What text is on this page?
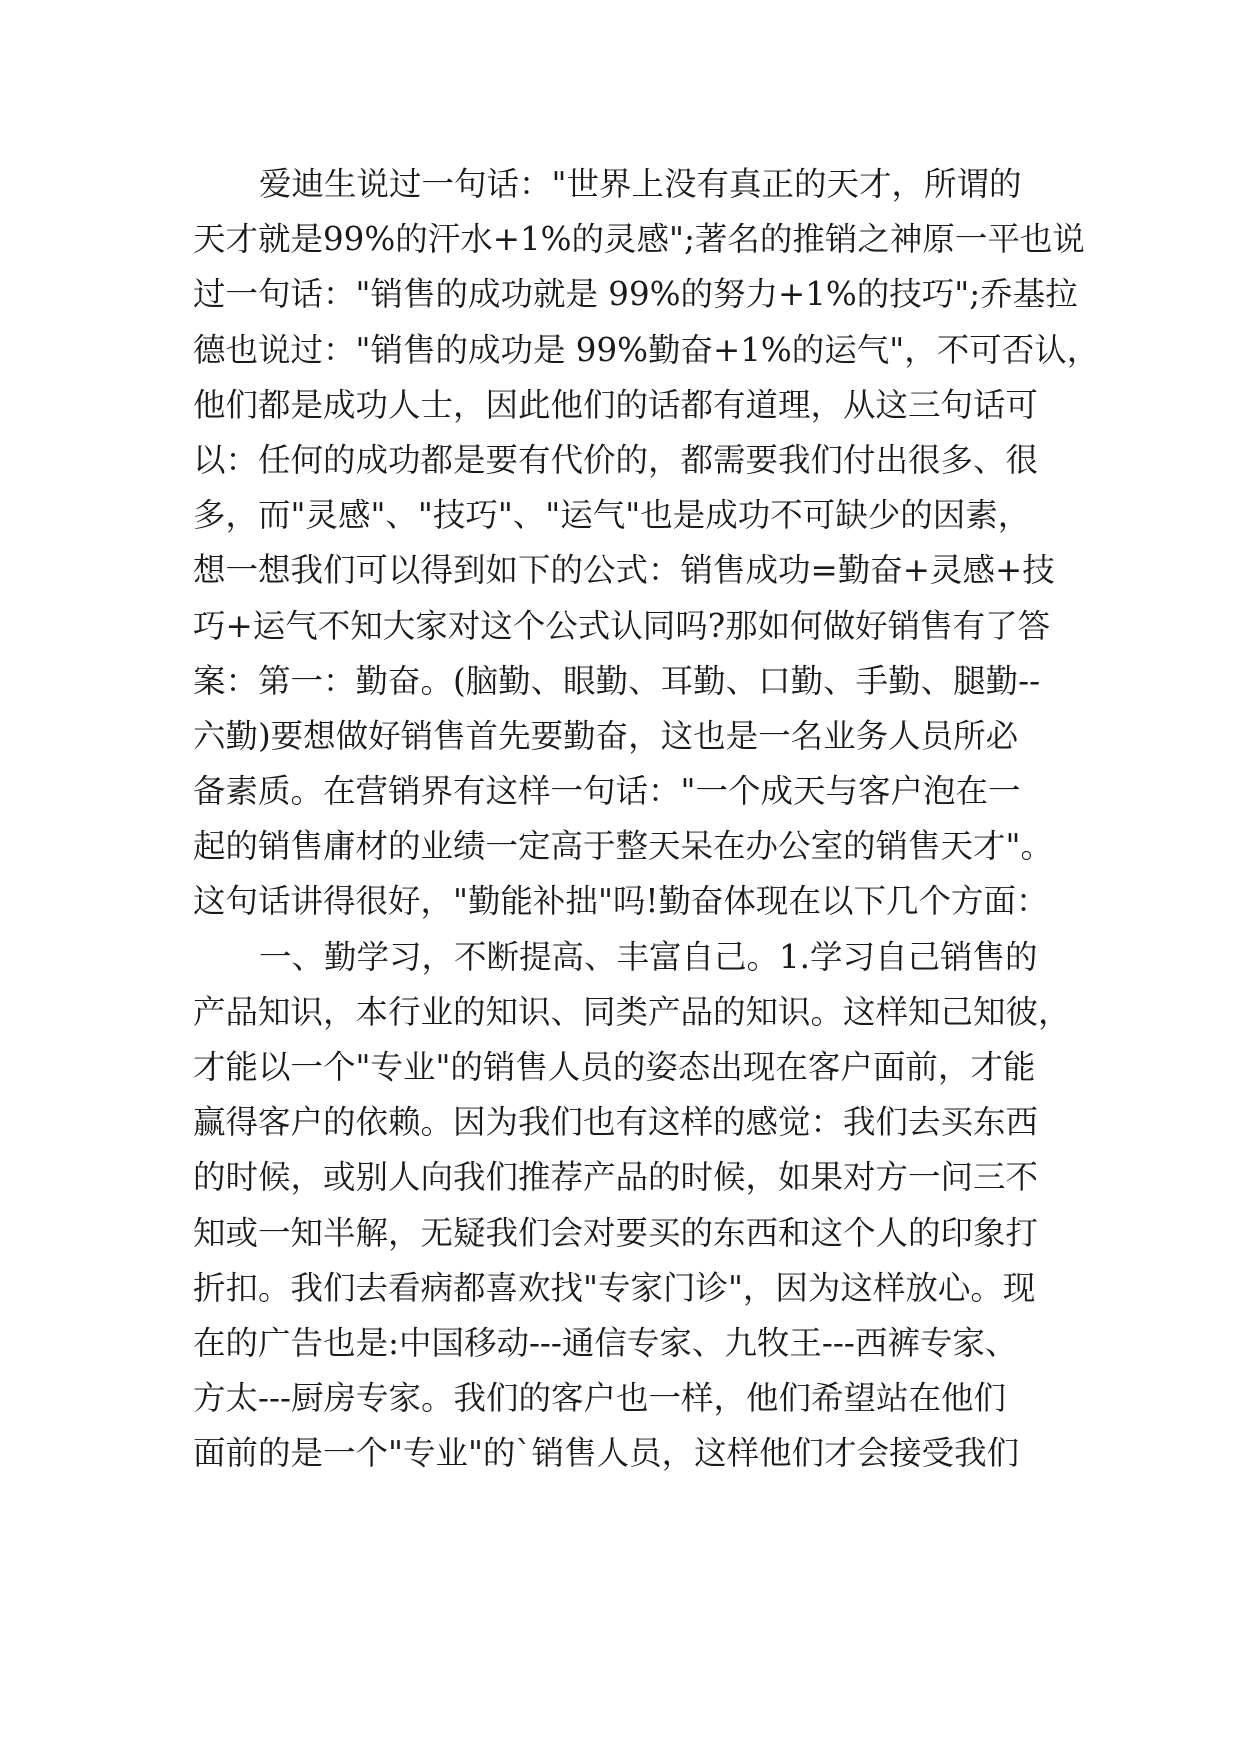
爱迪生说过一句话："世界上没有真正的天才，所谓的
天才就是99%的汗水+1%的灵感";著名的推销之神原一平也说
过一句话："销售的成功就是 99%的努力+1%的技巧";乔基拉
德也说过："销售的成功是 99%勤奋+1%的运气"，不可否认，
他们都是成功人士，因此他们的话都有道理，从这三句话可
以：任何的成功都是要有代价的，都需要我们付出很多、很
多，而"灵感"、"技巧"、"运气"也是成功不可缺少的因素，
想一想我们可以得到如下的公式：销售成功=勤奋+灵感+技
巧+运气不知大家对这个公式认同吗?那如何做好销售有了答
案：第一：勤奋。(脑勤、眼勤、耳勤、口勤、手勤、腿勤--
六勤)要想做好销售首先要勤奋，这也是一名业务人员所必
备素质。在营销界有这样一句话："一个成天与客户泡在一
起的销售庸材的业绩一定高于整天呆在办公室的销售天才"。
这句话讲得很好，"勤能补拙"吗!勤奋体现在以下几个方面：
一、勤学习，不断提高、丰富自己。1.学习自己销售的
产品知识，本行业的知识、同类产品的知识。这样知己知彼，
才能以一个"专业"的销售人员的姿态出现在客户面前，才能
赢得客户的依赖。因为我们也有这样的感觉：我们去买东西
的时候，或别人向我们推荐产品的时候，如果对方一问三不
知或一知半解，无疑我们会对要买的东西和这个人的印象打
折扣。我们去看病都喜欢找"专家门诊"，因为这样放心。现
在的广告也是:中国移动---通信专家、九牧王---西裤专家、
方太---厨房专家。我们的客户也一样，他们希望站在他们
面前的是一个"专业"的`销售人员，这样他们才会接受我们
